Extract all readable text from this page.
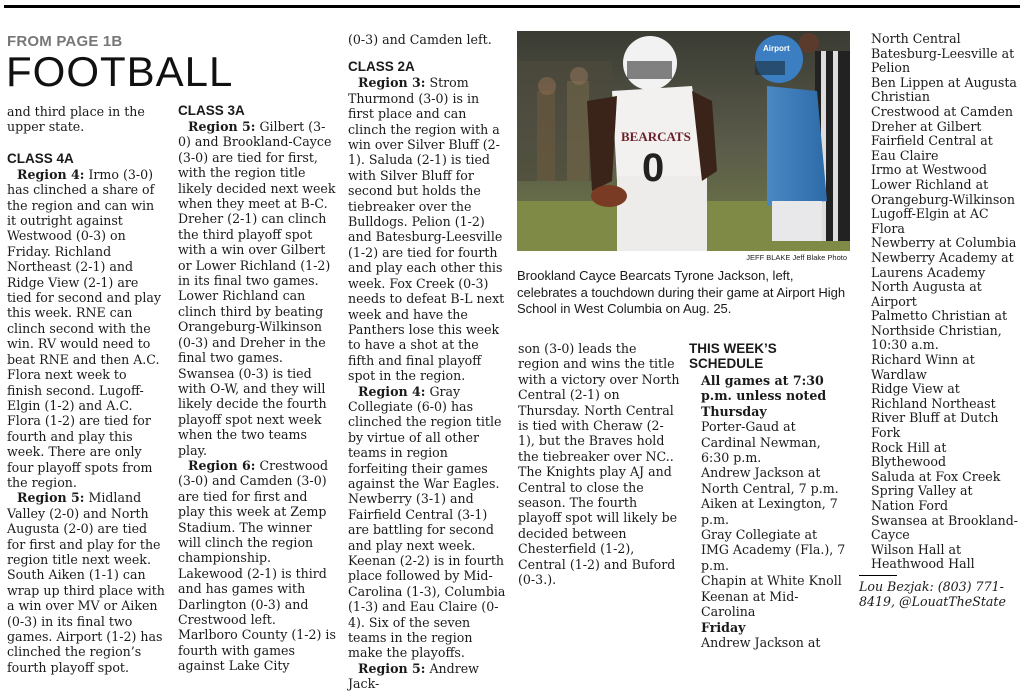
FROM PAGE 1B
FOOTBALL

and third place in the upper state.

CLASS 4A

Region 4: Irmo (3-0) has clinched a share of the region and can win it outright against Westwood (0-3) on Friday. Richland Northeast (2-1) and Ridge View (2-1) are tied for second and play this week. RNE can clinch second with the win. RV would need to beat RNE and then A.C. Flora next week to finish second. Lugoff-Elgin (1-2) and A.C. Flora (1-2) are tied for fourth and play this week. There are only four playoff spots from the region.

Region 5: Midland Valley (2-0) and North Augusta (2-0) are tied for first and play for the region title next week. South Aiken (1-1) can wrap up third place with a win over MV or Aiken (0-3) in its final two games. Airport (1-2) has clinched the region’s fourth playoff spot.

CLASS 3A

Region 5: Gilbert (3-0) and Brookland-Cayce (3-0) are tied for first, with the region title likely decided next week when they meet at B-C. Dreher (2-1) can clinch the third playoff spot with a win over Gilbert or Lower Richland (1-2) in its final two games. Lower Richland can clinch third by beating Orangeburg-Wilkinson (0-3) and Dreher in the final two games. Swansea (0-3) is tied with O-W, and they will likely decide the fourth playoff spot next week when the two teams play.

Region 6: Crestwood (3-0) and Camden (3-0) are tied for first and play this week at Zemp Stadium. The winner will clinch the region championship. Lakewood (2-1) is third and has games with Darlington (0-3) and Crestwood left. Marlboro County (1-2) is fourth with games against Lake City

(0-3) and Camden left.

CLASS 2A

Region 3: Strom Thurmond (3-0) is in first place and can clinch the region with a win over Silver Bluff (2-1). Saluda (2-1) is tied with Silver Bluff for second but holds the tiebreaker over the Bulldogs. Pelion (1-2) and Batesburg-Leesville (1-2) are tied for fourth and play each other this week. Fox Creek (0-3) needs to defeat B-L next week and have the Panthers lose this week to have a shot at the fifth and final playoff spot in the region.

Region 4: Gray Collegiate (6-0) has clinched the region title by virtue of all other teams in region forfeiting their games against the War Eagles. Newberry (3-1) and Fairfield Central (3-1) are battling for second and play next week. Keenan (2-2) is in fourth place followed by Mid-Carolina (1-3), Columbia (1-3) and Eau Claire (0-4). Six of the seven teams in the region make the playoffs.

Region 5: Andrew Jack-

Airport
BEARCATS
0
JEFF BLAKE Jeff Blake Photo
Brookland Cayce Bearcats Tyrone Jackson, left, celebrates a touchdown during their game at Airport High School in West Columbia on Aug. 25.

son (3-0) leads the region and wins the title with a victory over North Central (2-1) on Thursday. North Central is tied with Cheraw (2-1), but the Braves hold the tiebreaker over NC.. The Knights play AJ and Central to close the season. The fourth playoff spot will likely be decided between Chesterfield (1-2), Central (1-2) and Buford (0-3.).

THIS WEEK’S SCHEDULE

All games at 7:30 p.m. unless noted

Thursday

Porter-Gaud at Cardinal Newman, 6:30 p.m.

Andrew Jackson at North Central, 7 p.m.

Aiken at Lexington, 7 p.m.

Gray Collegiate at IMG Academy (Fla.), 7 p.m.

Chapin at White Knoll

Keenan at Mid-Carolina

Friday

Andrew Jackson at

North Central

Batesburg-Leesville at Pelion

Ben Lippen at Augusta Christian

Crestwood at Camden

Dreher at Gilbert

Fairfield Central at Eau Claire

Irmo at Westwood

Lower Richland at Orangeburg-Wilkinson

Lugoff-Elgin at AC Flora

Newberry at Columbia

Newberry Academy at Laurens Academy

North Augusta at Airport

Palmetto Christian at Northside Christian, 10:30 a.m.

Richard Winn at Wardlaw

Ridge View at Richland Northeast

River Bluff at Dutch Fork

Rock Hill at Blythewood

Saluda at Fox Creek

Spring Valley at Nation Ford

Swansea at Brookland-Cayce

Wilson Hall at Heathwood Hall

Lou Bezjak: (803) 771-8419, @LouatTheState
